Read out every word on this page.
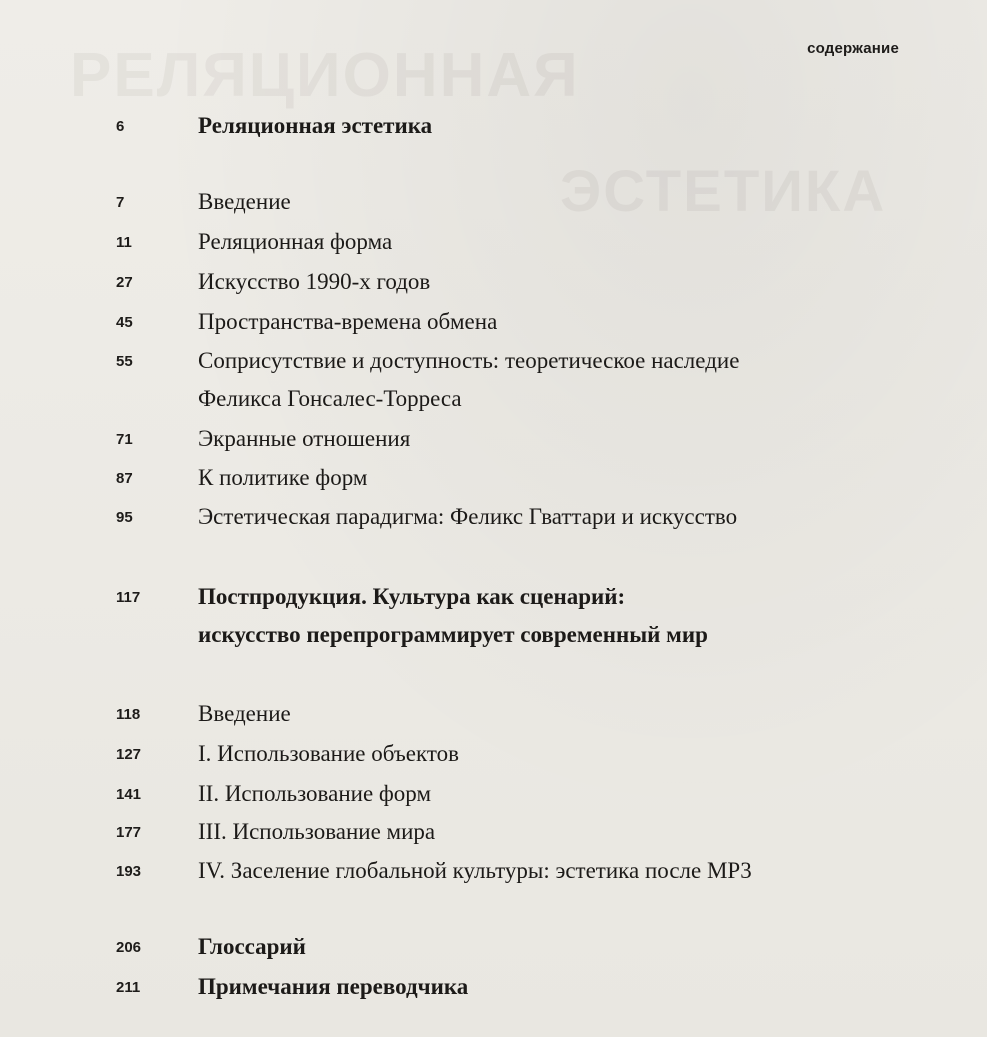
РЕЛЯЦИОННАЯ
ЭСТЕТИКА
содержание
6	Реляционная эстетика
7	Введение
11	Реляционная форма
27	Искусство 1990-х годов
45	Пространства-времена обмена
55	Соприсутствие и доступность: теоретическое наследие
Феликса Гонсалес-Торреса
71	Экранные отношения
87	К политике форм
95	Эстетическая парадигма: Феликс Гваттари и искусство
117	Постпродукция. Культура как сценарий:
искусство перепрограммирует современный мир
118	Введение
127 I. Использование объектов
141 II. Использование форм
177 III. Использование мира
193 IV. Заселение глобальной культуры: эстетика после MP3
206 Глоссарий
211	Примечания переводчика
